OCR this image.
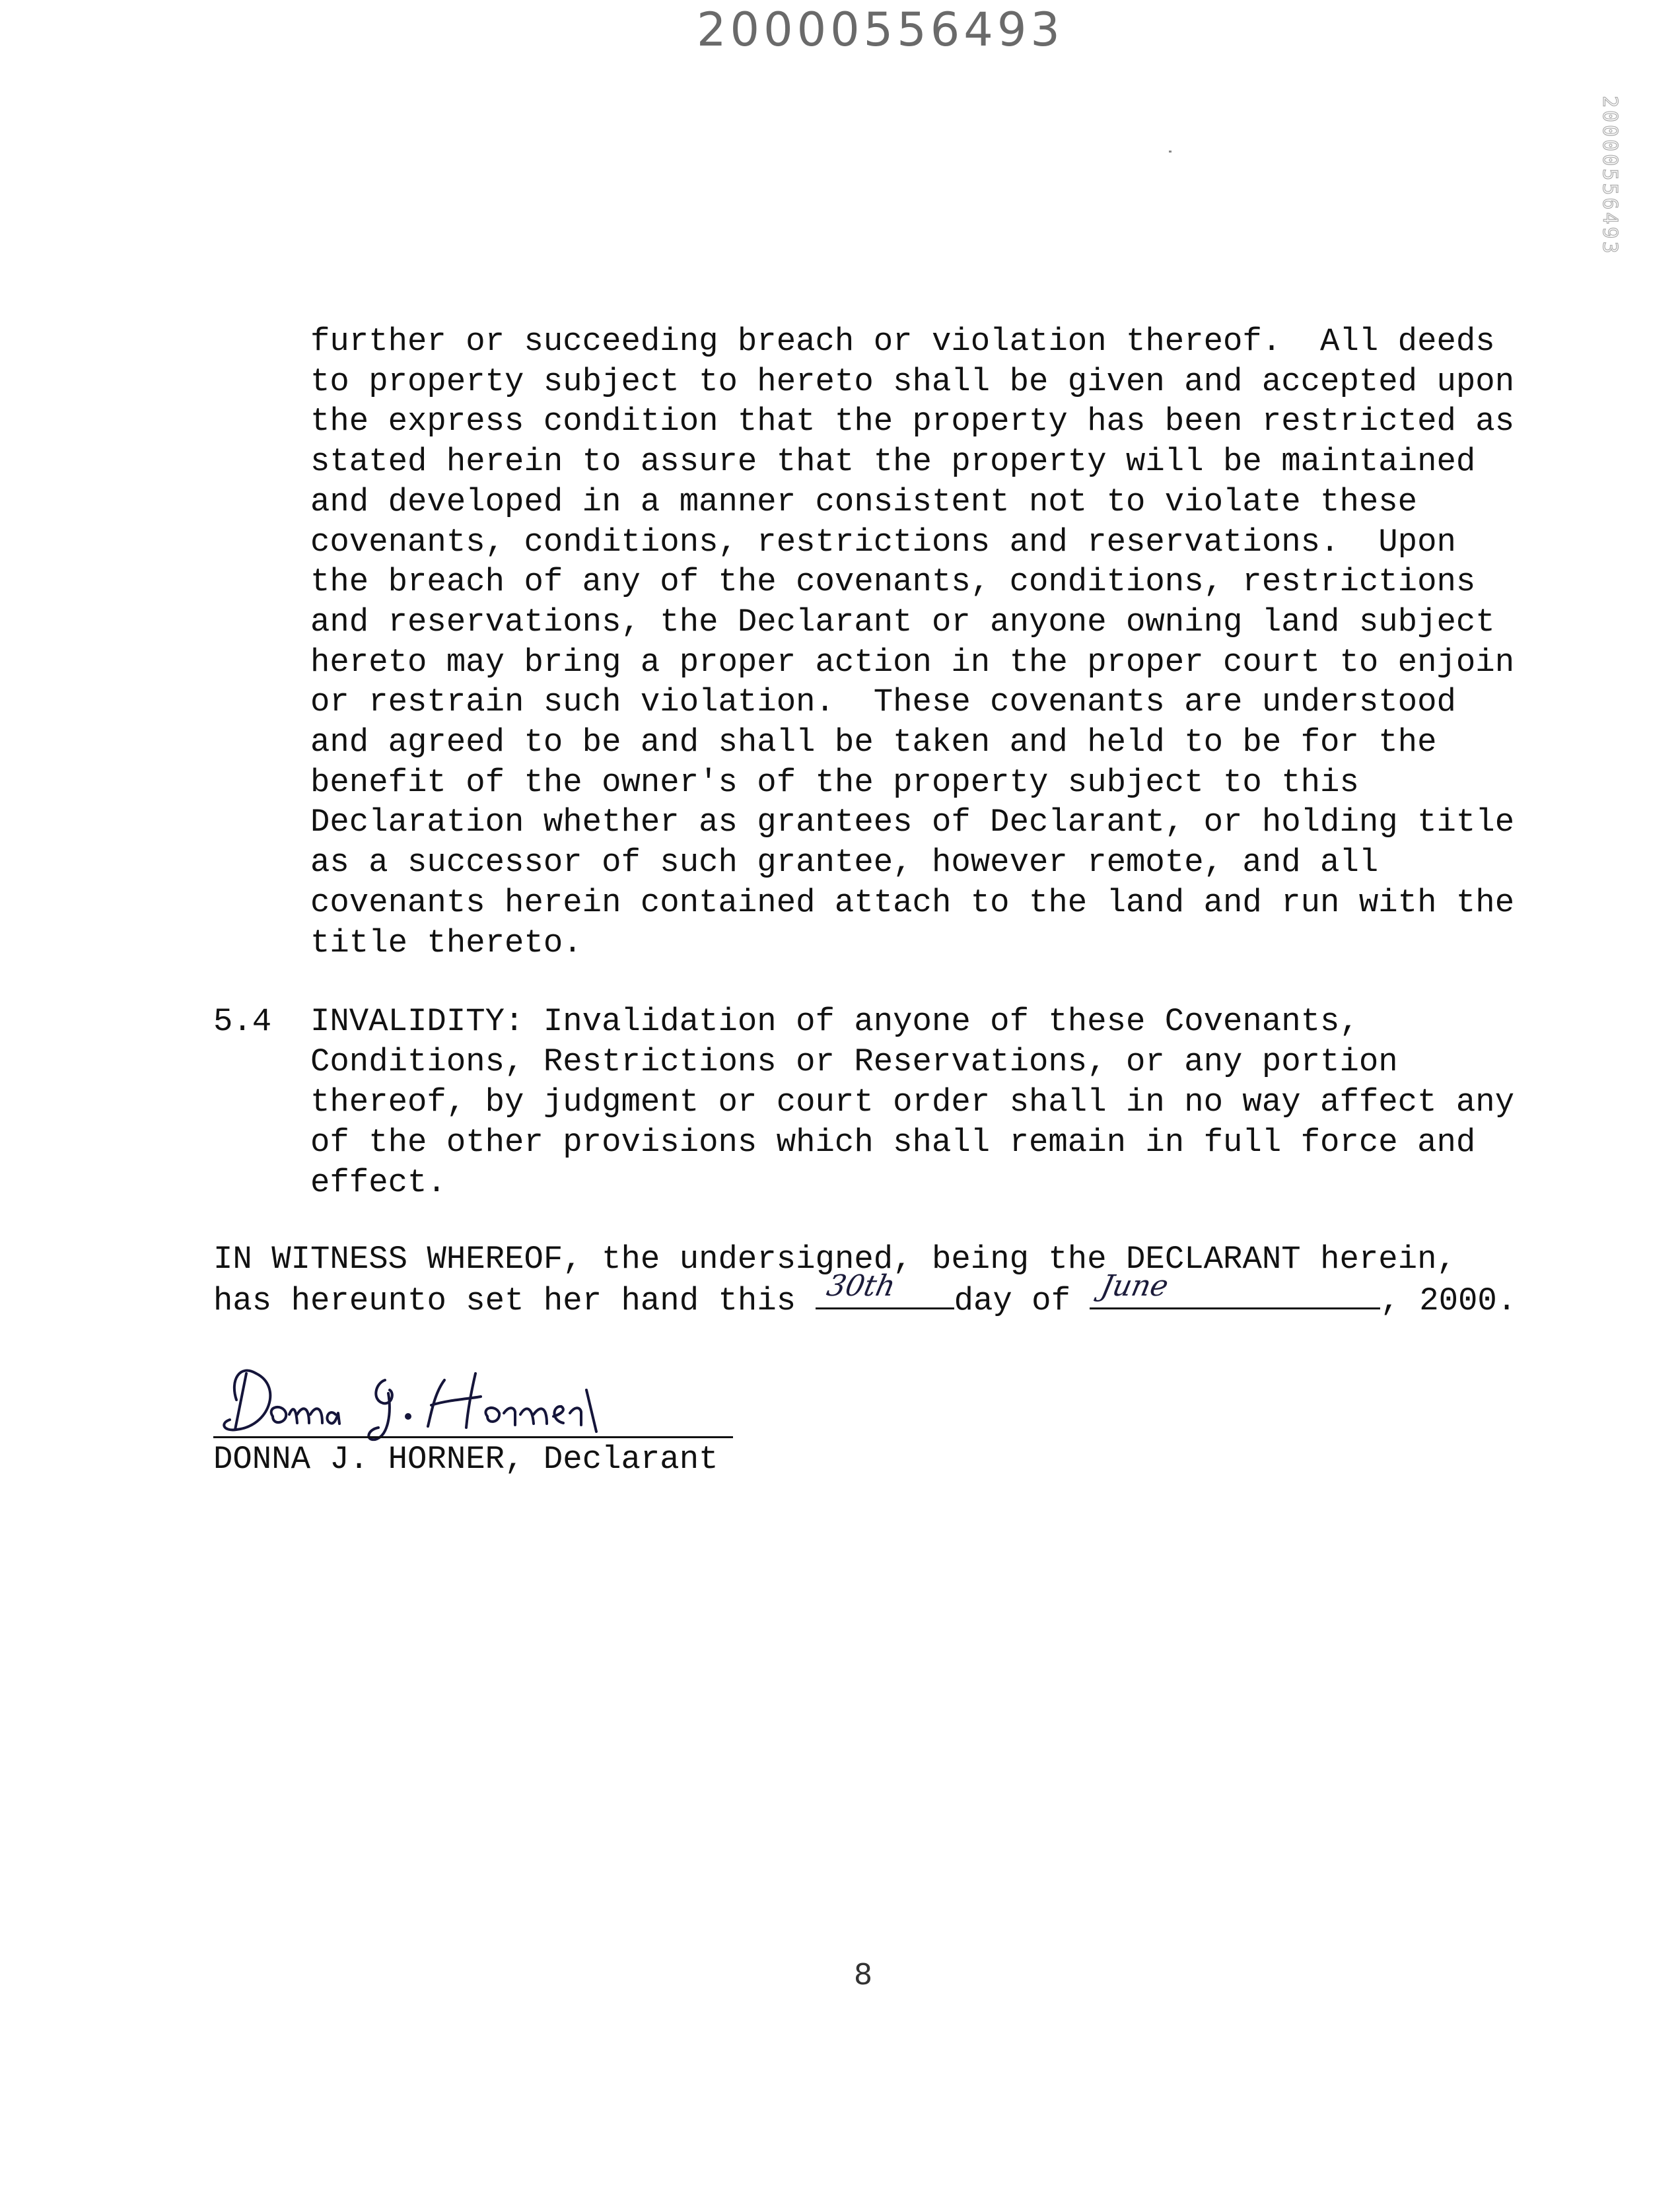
20000556493
20000556493
further or succeeding breach or violation thereof.  All deeds
to property subject to hereto shall be given and accepted upon
the express condition that the property has been restricted as
stated herein to assure that the property will be maintained
and developed in a manner consistent not to violate these
covenants, conditions, restrictions and reservations.  Upon
the breach of any of the covenants, conditions, restrictions
and reservations, the Declarant or anyone owning land subject
hereto may bring a proper action in the proper court to enjoin
or restrain such violation.  These covenants are understood
and agreed to be and shall be taken and held to be for the
benefit of the owner's of the property subject to this
Declaration whether as grantees of Declarant, or holding title
as a successor of such grantee, however remote, and all
covenants herein contained attach to the land and run with the
title thereto.
5.4 INVALIDITY: Invalidation of anyone of these Covenants,
Conditions, Restrictions or Reservations, or any portion
thereof, by judgment or court order shall in no way affect any
of the other provisions which shall remain in full force and
effect.
IN WITNESS WHEREOF, the undersigned, being the DECLARANT herein,
has hereunto set her hand this 30th day of June	, 2000.
DONNA J. HORNER, Declarant
8
